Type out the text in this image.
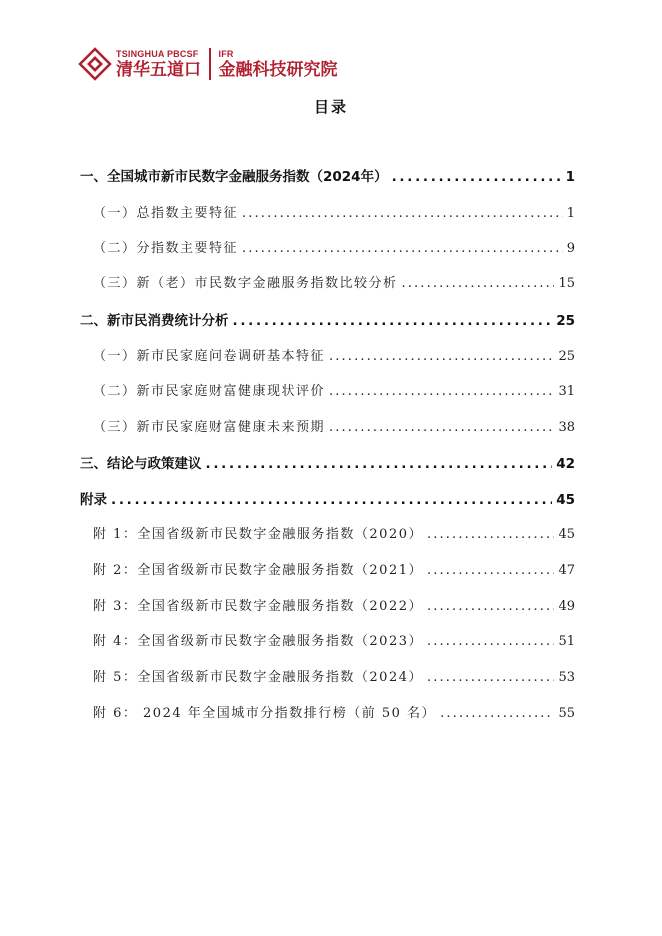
TSINGHUA PBCSF
清华五道口
IFR
金融科技研究院
目录
一、全国城市新市民数字金融服务指数（2024年） . . .	1
（一）总指数主要特征 . . .	1
（二）分指数主要特征 . . .	9
（三）新（老）市民数字金融服务指数比较分析 . . .	15
二、新市民消费统计分析 . . .	25
（一）新市民家庭问卷调研基本特征 . . .	25
（二）新市民家庭财富健康现状评价 . . .	31
（三）新市民家庭财富健康未来预期 . . .	38
三、结论与政策建议 . . .	42
附录 . . .	45
附 1：全国省级新市民数字金融服务指数（2020） . . .	45
附 2：全国省级新市民数字金融服务指数（2021） . . .	47
附 3：全国省级新市民数字金融服务指数（2022） . . .	49
附 4：全国省级新市民数字金融服务指数（2023） . . .	51
附 5：全国省级新市民数字金融服务指数（2024） . . .	53
附 6： 2024 年全国城市分指数排行榜（前 50 名） . . .	55
